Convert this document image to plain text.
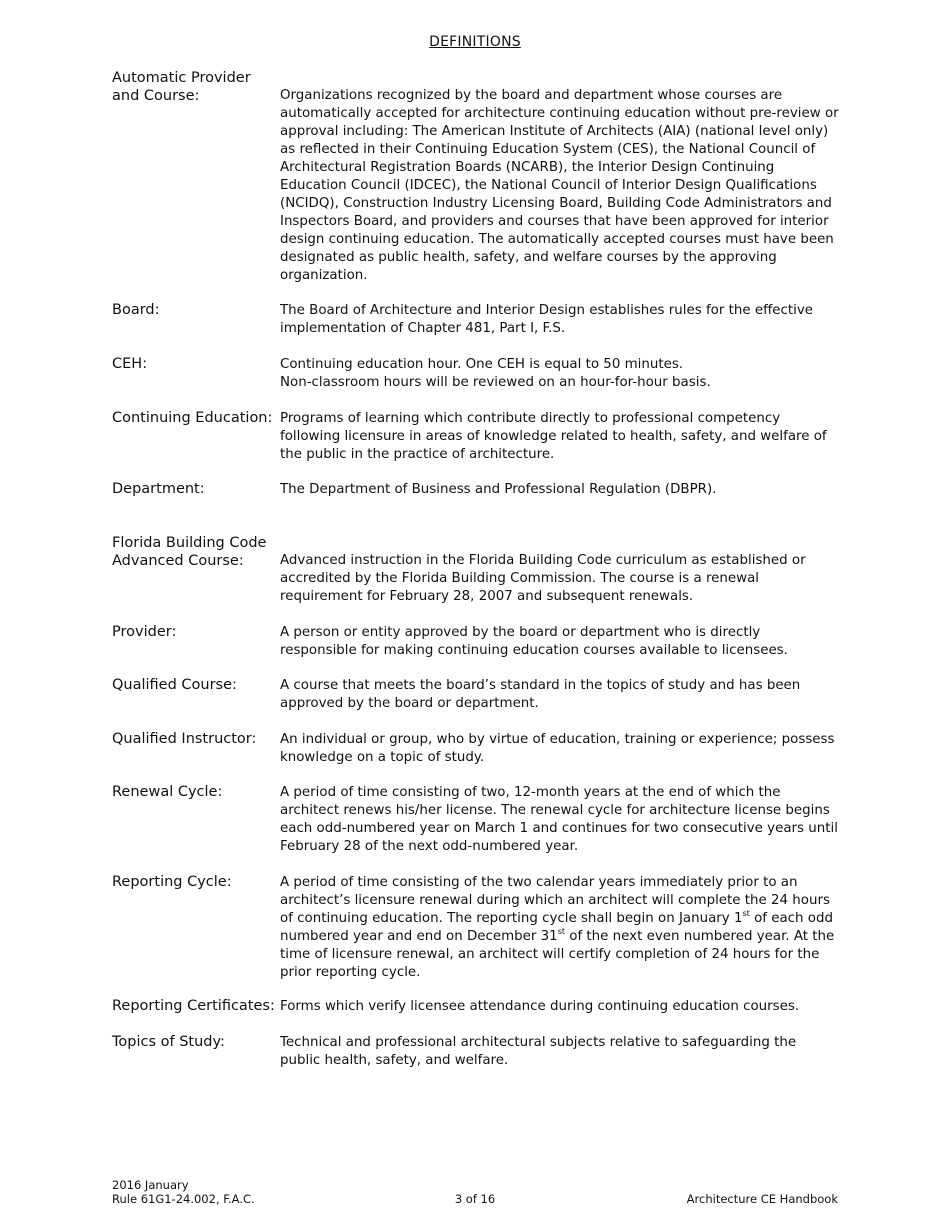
DEFINITIONS
Automatic Provider
and Course:	Organizations recognized by the board and department whose courses are automatically accepted for architecture continuing education without pre-review or approval including: The American Institute of Architects (AIA) (national level only) as reflected in their Continuing Education System (CES), the National Council of Architectural Registration Boards (NCARB), the Interior Design Continuing Education Council (IDCEC), the National Council of Interior Design Qualifications (NCIDQ), Construction Industry Licensing Board, Building Code Administrators and Inspectors Board, and providers and courses that have been approved for interior design continuing education. The automatically accepted courses must have been designated as public health, safety, and welfare courses by the approving organization.

Board:	The Board of Architecture and Interior Design establishes rules for the effective implementation of Chapter 481, Part I, F.S.

CEH:	Continuing education hour. One CEH is equal to 50 minutes.

Non-classroom hours will be reviewed on an hour-for-hour basis.

Continuing Education: Programs of learning which contribute directly to professional competency following licensure in areas of knowledge related to health, safety, and welfare of the public in the practice of architecture.

Department:	The Department of Business and Professional Regulation (DBPR).

Florida Building Code
Advanced Course:	Advanced instruction in the Florida Building Code curriculum as established or accredited by the Florida Building Commission. The course is a renewal requirement for February 28, 2007 and subsequent renewals.

Provider:	A person or entity approved by the board or department who is directly responsible for making continuing education courses available to licensees.

Qualified Course:	A course that meets the board’s standard in the topics of study and has been approved by the board or department.

Qualified Instructor:	An individual or group, who by virtue of education, training or experience; possess knowledge on a topic of study.

Renewal Cycle:	A period of time consisting of two, 12-month years at the end of which the architect renews his/her license. The renewal cycle for architecture license begins each odd-numbered year on March 1 and continues for two consecutive years until February 28 of the next odd-numbered year.

Reporting Cycle:	A period of time consisting of the two calendar years immediately prior to an architect’s licensure renewal during which an architect will complete the 24 hours of continuing education. The reporting cycle shall begin on January 1st of each odd numbered year and end on December 31st of the next even numbered year. At the time of licensure renewal, an architect will certify completion of 24 hours for the prior reporting cycle.

Reporting Certificates: Forms which verify licensee attendance during continuing education courses.

Topics of Study:	Technical and professional architectural subjects relative to safeguarding the public health, safety, and welfare.

2016 January
Rule 61G1-24.002, F.A.C.	3 of 16	Architecture CE Handbook
